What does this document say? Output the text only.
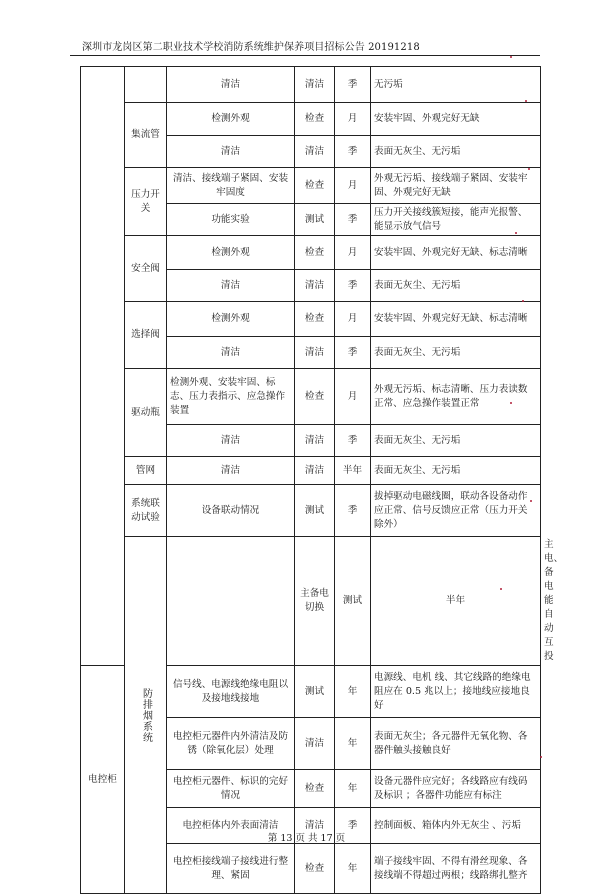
深圳市龙岗区第二职业技术学校消防系统维护保养项目招标公告 20191218
		清洁	清洁	季	无污垢	
	集流管	检测外观	检查	月	安装牢固、外观完好无缺	
		清洁	清洁	季	表面无灰尘、无污垢	
	压力开关	清洁、接线端子紧固、安装牢固度	检查	月	外观无污垢、接线端子紧固、安装牢固、外观完好无缺	
		功能实验	测试	季	压力开关接线簇短接，能声光报警、能显示放气信号	
	安全阀	检测外观	检查	月	安装牢固、外观完好无缺、标志清晰	
		清洁	清洁	季	表面无灰尘、无污垢	
	选择阀	检测外观	检查	月	安装牢固、外观完好无缺、标志清晰	
		清洁	清洁	季	表面无灰尘、无污垢	
	驱动瓶	检测外观、安装牢固、标志、压力表指示、应急操作装置	检查	月	外观无污垢、标志清晰、压力表读数正常、应急操作装置正常	
		清洁	清洁	季	表面无灰尘、无污垢	
	管网	清洁	清洁	半年	表面无灰尘、无污垢	
	系统联动试验	设备联动情况	测试	季	拔掉驱动电磁线圈，联动各设备动作应正常、信号反馈应正常（压力开关除外）	
	防排烟系统		主备电切换	测试	半年	主电、备电能自动 互投
电控柜		信号线、电源线绝缘电阻以及接地线接地	测试	年	电源线、电机 线、其它线路的绝缘电阻应在 0.5 兆以上；接地线应接地良好	
		电控柜元器件内外清洁及防锈（除氧化层）处理	清洁	年	表面无灰尘；各元器件无氧化物、各器件触头接触良好	
		电控柜元器件、标识的完好情况	检查	年	设备元器件应完好；各线路应有线码及标识 ；各器件功能应有标注	
		电控柜体内外表面清洁	清洁	季	控制面板、箱体内外无灰尘 、污垢	
		电控柜接线端子接线进行整理、紧固	检查	年	端子接线牢固、不得有滑丝现象、各接线端不得超过两根；线路绑扎整齐	
第 13 页 共 17 页
